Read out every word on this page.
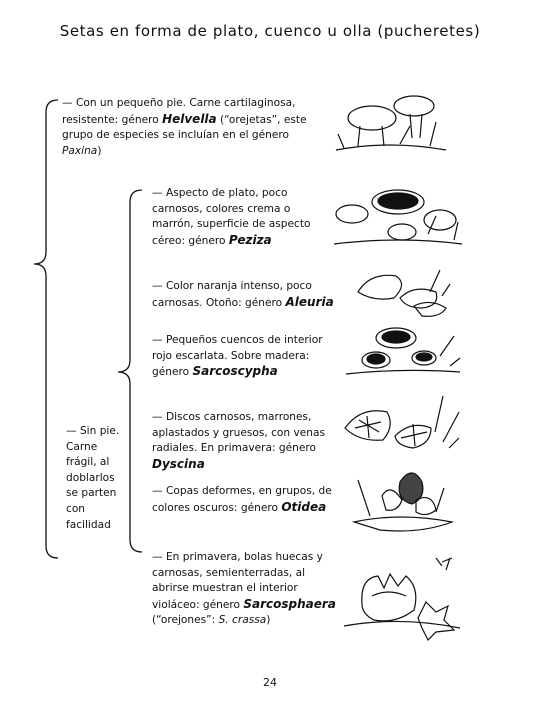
Setas en forma de plato, cuenco u olla (pucheretes)
— Con un pequeño pie. Carne cartilaginosa, resistente: género Helvella (“orejetas”, este grupo de especies se incluían en el género Paxina)
— Aspecto de plato, poco carnosos, colores crema o marrón, superficie de aspecto céreo: género Peziza
— Color naranja intenso, poco carnosas. Otoño: género Aleuria
— Pequeños cuencos de interior rojo escarlata. Sobre madera: género Sarcoscypha
— Discos carnosos, marrones, aplastados y gruesos, con venas radiales. En primavera: género Dyscina
— Copas deformes, en grupos, de colores oscuros: género Otidea
— En primavera, bolas huecas y carnosas, semienterradas, al abrirse muestran el interior violáceo: género Sarcosphaera (“orejones”: S. crassa)
— Sin pie. Carne frágil, al doblarlos se parten con facilidad
24
